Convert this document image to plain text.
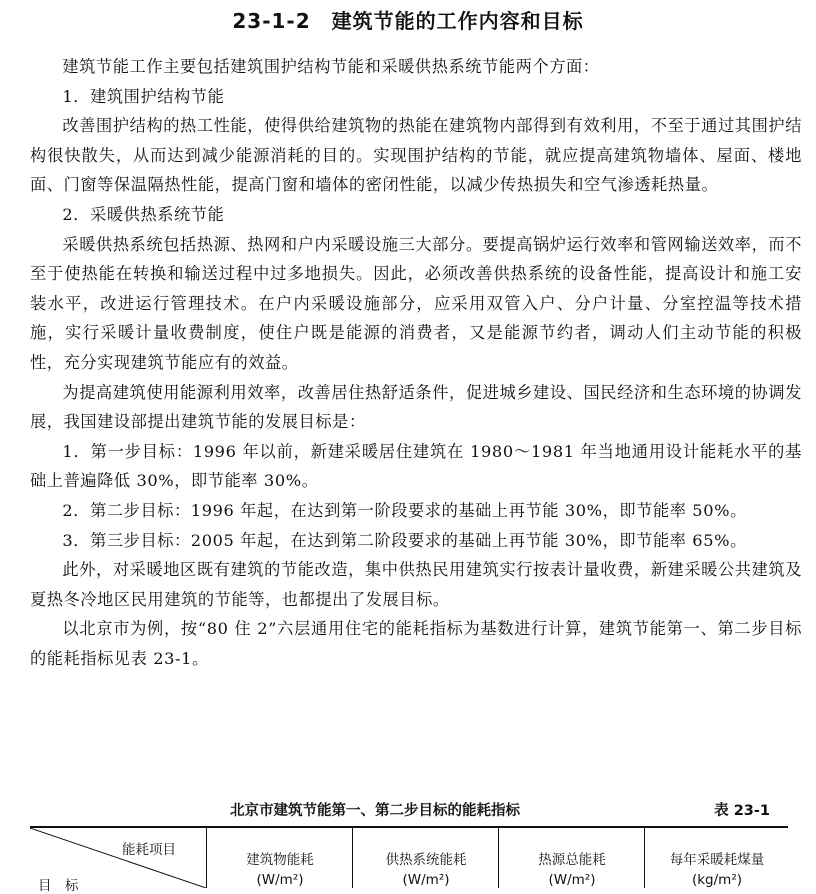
23-1-2　建筑节能的工作内容和目标

建筑节能工作主要包括建筑围护结构节能和采暖供热系统节能两个方面：

1．建筑围护结构节能

改善围护结构的热工性能，使得供给建筑物的热能在建筑物内部得到有效利用，不至于通过其围护结构很快散失，从而达到减少能源消耗的目的。实现围护结构的节能，就应提高建筑物墙体、屋面、楼地面、门窗等保温隔热性能，提高门窗和墙体的密闭性能，以减少传热损失和空气渗透耗热量。

2．采暖供热系统节能

采暖供热系统包括热源、热网和户内采暖设施三大部分。要提高锅炉运行效率和管网输送效率，而不至于使热能在转换和输送过程中过多地损失。因此，必须改善供热系统的设备性能，提高设计和施工安装水平，改进运行管理技术。在户内采暖设施部分，应采用双管入户、分户计量、分室控温等技术措施，实行采暖计量收费制度，使住户既是能源的消费者，又是能源节约者，调动人们主动节能的积极性，充分实现建筑节能应有的效益。

为提高建筑使用能源利用效率，改善居住热舒适条件，促进城乡建设、国民经济和生态环境的协调发展，我国建设部提出建筑节能的发展目标是：

1．第一步目标：1996 年以前，新建采暖居住建筑在 1980～1981 年当地通用设计能耗水平的基础上普遍降低 30%，即节能率 30%。

2．第二步目标：1996 年起，在达到第一阶段要求的基础上再节能 30%，即节能率 50%。

3．第三步目标：2005 年起，在达到第二阶段要求的基础上再节能 30%，即节能率 65%。

此外，对采暖地区既有建筑的节能改造，集中供热民用建筑实行按表计量收费，新建采暖公共建筑及夏热冬冷地区民用建筑的节能等，也都提出了发展目标。

以北京市为例，按“80 住 2”六层通用住宅的能耗指标为基数进行计算，建筑节能第一、第二步目标的能耗指标见表 23-1。

北京市建筑节能第一、第二步目标的能耗指标	表 23-1
能耗项目
目　标
建筑物能耗
(W/m²)
供热系统能耗
(W/m²)
热源总能耗
(W/m²)
每年采暖耗煤量
(kg/m²)
